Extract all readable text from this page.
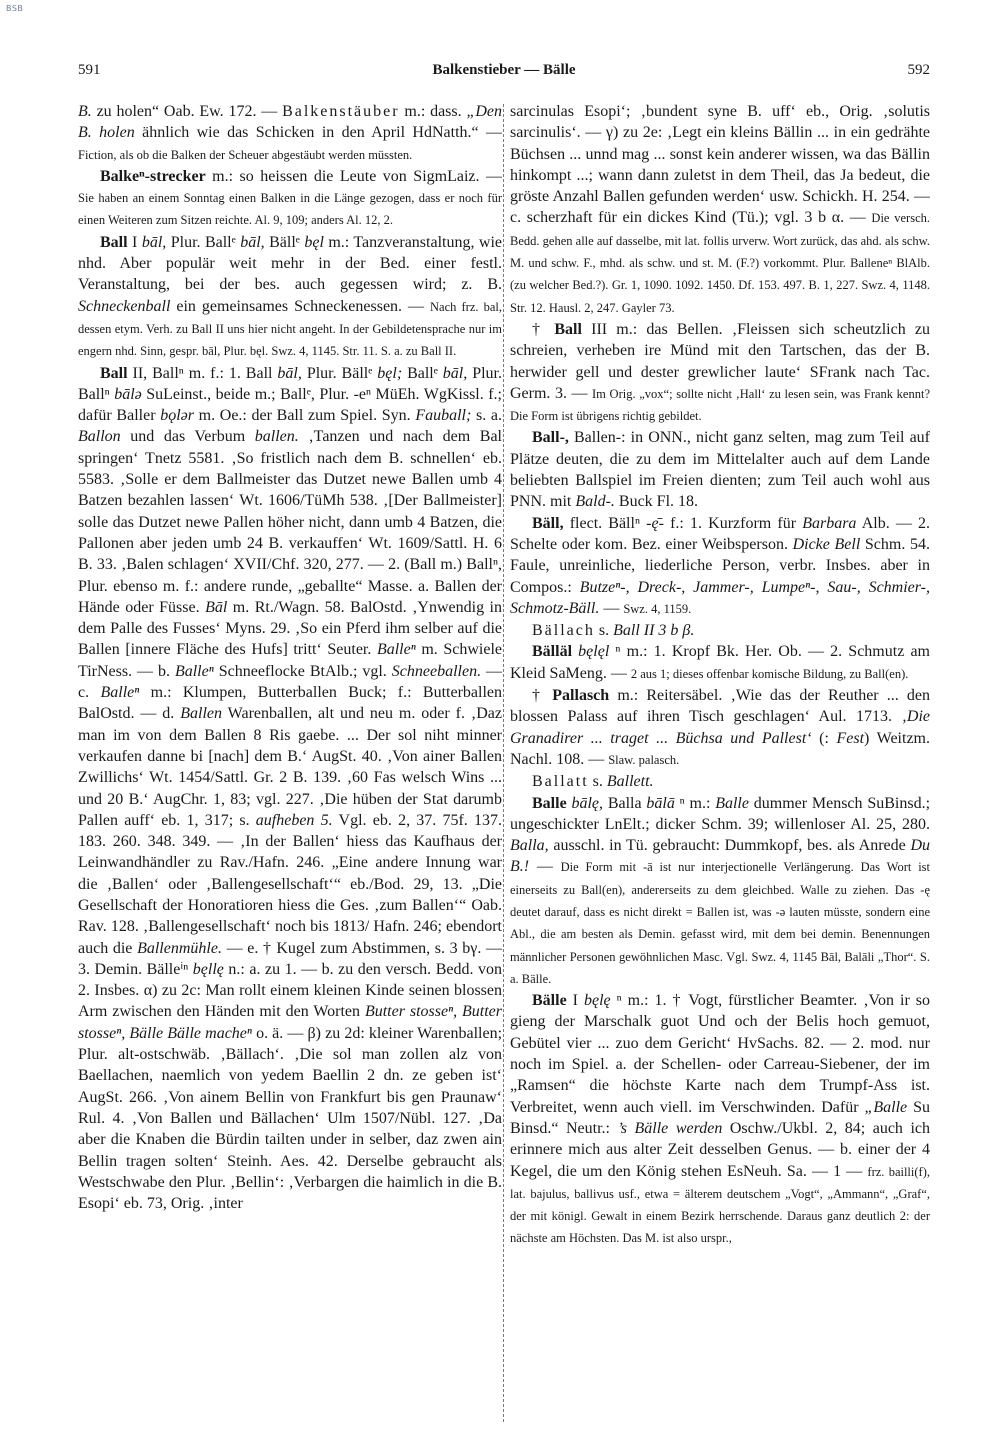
BSB
591	Balkenstieber — Bälle	592

B. zu holen“ Oab. Ew. 172. — Balkenstäuber m.: dass. „Den B. holen ähnlich wie das Schicken in den April HdNatth.“ — Fiction, als ob die Balken der Scheuer abgestäubt werden müssten.

Balkeⁿ-strecker m.: so heissen die Leute von SigmLaiz. — Sie haben an einem Sonntag einen Balken in die Länge gezogen, dass er noch für einen Weiteren zum Sitzen reichte. Al. 9, 109; anders Al. 12, 2.

Ball I bāl, Plur. Ballᵉ bāl, Bällᵉ bęl m.: Tanzveranstaltung, wie nhd. Aber populär weit mehr in der Bed. einer festl. Veranstaltung, bei der bes. auch gegessen wird; z. B. Schneckenball ein gemeinsames Schneckenessen. — Nach frz. bal, dessen etym. Verh. zu Ball II uns hier nicht angeht. In der Gebildetensprache nur im engern nhd. Sinn, gespr. bāl, Plur. bęl. Swz. 4, 1145. Str. 11. S. a. zu Ball II.

Ball II, Ballⁿ m. f.: 1. Ball bāl, Plur. Bällᵉ bęl; Ballᵉ bāl, Plur. Ballⁿ bālə SuLeinst., beide m.; Ballᵉ, Plur. -eⁿ MüEh. WgKissl. f.; dafür Baller bǫlər m. Oe.: der Ball zum Spiel. Syn. Fauball; s. a. Ballon und das Verbum ballen. ‚Tanzen und nach dem Bal springen‘ Tnetz 5581. ‚So fristlich nach dem B. schnellen‘ eb. 5583. ‚Solle er dem Ballmeister das Dutzet newe Ballen umb 4 Batzen bezahlen lassen‘ Wt. 1606/TüMh 538. ‚[Der Ballmeister] solle das Dutzet newe Pallen höher nicht, dann umb 4 Batzen, die Pallonen aber jeden umb 24 B. verkauffen‘ Wt. 1609/Sattl. H. 6 B. 33. ‚Balen schlagen‘ XVII/Chf. 320, 277. — 2. (Ball m.) Ballⁿ, Plur. ebenso m. f.: andere runde, „geballte“ Masse. a. Ballen der Hände oder Füsse. Bāl m. Rt./Wagn. 58. BalOstd. ‚Ynwendig in dem Palle des Fusses‘ Myns. 29. ‚So ein Pferd ihm selber auf die Ballen [innere Fläche des Hufs] tritt‘ Seuter. Balleⁿ m. Schwiele TirNess. — b. Balleⁿ Schneeflocke BtAlb.; vgl. Schneeballen. — c. Balleⁿ m.: Klumpen, Butterballen Buck; f.: Butterballen BalOstd. — d. Ballen Warenballen, alt und neu m. oder f. ‚Daz man im von dem Ballen 8 Ris gaebe. ... Der sol niht minner verkaufen danne bi [nach] dem B.‘ AugSt. 40. ‚Von ainer Ballen Zwillichs‘ Wt. 1454/Sattl. Gr. 2 B. 139. ‚60 Fas welsch Wins ... und 20 B.‘ AugChr. 1, 83; vgl. 227. ‚Die hüben der Stat darumb Pallen auff‘ eb. 1, 317; s. aufheben 5. Vgl. eb. 2, 37. 75f. 137. 183. 260. 348. 349. — ‚In der Ballen‘ hiess das Kaufhaus der Leinwandhändler zu Rav./Hafn. 246. „Eine andere Innung war die ‚Ballen‘ oder ‚Ballengesellschaft‘“ eb./Bod. 29, 13. „Die Gesellschaft der Honoratioren hiess die Ges. ‚zum Ballen‘“ Oab. Rav. 128. ‚Ballengesellschaft‘ noch bis 1813/ Hafn. 246; ebendort auch die Ballenmühle. — e. † Kugel zum Abstimmen, s. 3 bγ. — 3. Demin. Bälleⁱⁿ bęllę n.: a. zu 1. — b. zu den versch. Bedd. von 2. Insbes. α) zu 2c: Man rollt einem kleinen Kinde seinen blossen Arm zwischen den Händen mit den Worten Butter stosseⁿ, Butter stosseⁿ, Bälle Bälle macheⁿ o. ä. — β) zu 2d: kleiner Warenballen; Plur. alt-ostschwäb. ‚Bällach‘. ‚Die sol man zollen alz von Baellachen, naemlich von yedem Baellin 2 dn. ze geben ist‘ AugSt. 266. ‚Von ainem Bellin von Frankfurt bis gen Praunaw‘ Rul. 4. ‚Von Ballen und Bällachen‘ Ulm 1507/Nübl. 127. ‚Da aber die Knaben die Bürdin tailten under in selber, daz zwen ain Bellin tragen solten‘ Steinh. Aes. 42. Derselbe gebraucht als Westschwabe den Plur. ‚Bellin‘: ‚Verbargen die haimlich in die B. Esopi‘ eb. 73, Orig. ‚inter

sarcinulas Esopi‘; ‚bundent syne B. uff‘ eb., Orig. ‚solutis sarcinulis‘. — γ) zu 2e: ‚Legt ein kleins Bällin ... in ein gedrähte Büchsen ... unnd mag ... sonst kein anderer wissen, wa das Bällin hinkompt ...; wann dann zuletst in dem Theil, das Ja bedeut, die gröste Anzahl Ballen gefunden werden‘ usw. Schickh. H. 254. — c. scherzhaft für ein dickes Kind (Tü.); vgl. 3 b α. — Die versch. Bedd. gehen alle auf dasselbe, mit lat. follis urverw. Wort zurück, das ahd. als schw. M. und schw. F., mhd. als schw. und st. M. (F.?) vorkommt. Plur. Balleneⁿ BlAlb. (zu welcher Bed.?). Gr. 1, 1090. 1092. 1450. Df. 153. 497. B. 1, 227. Swz. 4, 1148. Str. 12. Hausl. 2, 247. Gayler 73.

† Ball III m.: das Bellen. ‚Fleissen sich scheutzlich zu schreien, verheben ire Münd mit den Tartschen, das der B. herwider gell und dester grewlicher laute‘ SFrank nach Tac. Germ. 3. — Im Orig. „vox“; sollte nicht ‚Hall‘ zu lesen sein, was Frank kennt? Die Form ist übrigens richtig gebildet.

Ball-, Ballen-: in ONN., nicht ganz selten, mag zum Teil auf Plätze deuten, die zu dem im Mittelalter auch auf dem Lande beliebten Ballspiel im Freien dienten; zum Teil auch wohl aus PNN. mit Bald-. Buck Fl. 18.

Bäll, flect. Bällⁿ -ę̄- f.: 1. Kurzform für Barbara Alb. — 2. Schelte oder kom. Bez. einer Weibsperson. Dicke Bell Schm. 54. Faule, unreinliche, liederliche Person, verbr. Insbes. aber in Compos.: Butzeⁿ-, Dreck-, Jammer-, Lumpeⁿ-, Sau-, Schmier-, Schmotz-Bäll. — Swz. 4, 1159.

Bällach s. Ball II 3 b β.

Bälläl bęlęl ⁿ m.: 1. Kropf Bk. Her. Ob. — 2. Schmutz am Kleid SaMeng. — 2 aus 1; dieses offenbar komische Bildung, zu Ball(en).

† Pallasch m.: Reitersäbel. ‚Wie das der Reuther ... den blossen Palass auf ihren Tisch geschlagen‘ Aul. 1713. ‚Die Granadirer ... traget ... Büchsa und Pallest‘ (: Fest) Weitzm. Nachl. 108. — Slaw. palasch.

Ballatt s. Ballett.

Balle bālę, Balla bālā ⁿ m.: Balle dummer Mensch SuBinsd.; ungeschickter LnElt.; dicker Schm. 39; willenloser Al. 25, 280. Balla, ausschl. in Tü. gebraucht: Dummkopf, bes. als Anrede Du B.! — Die Form mit -ā ist nur interjectionelle Verlängerung. Das Wort ist einerseits zu Ball(en), andererseits zu dem gleichbed. Walle zu ziehen. Das -ę deutet darauf, dass es nicht direkt = Ballen ist, was -ə lauten müsste, sondern eine Abl., die am besten als Demin. gefasst wird, mit dem bei demin. Benennungen männlicher Personen gewöhnlichen Masc. Vgl. Swz. 4, 1145 Bāl, Balāli „Thor“. S. a. Bälle.

Bälle I bęlę ⁿ m.: 1. † Vogt, fürstlicher Beamter. ‚Von ir so gieng der Marschalk guot Und och der Belis hoch gemuot, Gebütel vier ... zuo dem Gericht‘ HvSachs. 82. — 2. mod. nur noch im Spiel. a. der Schellen- oder Carreau-Siebener, der im „Ramsen“ die höchste Karte nach dem Trumpf-Ass ist. Verbreitet, wenn auch viell. im Verschwinden. Dafür „Balle Su Binsd.“ Neutr.: ’s Bälle werden Oschw./Ukbl. 2, 84; auch ich erinnere mich aus alter Zeit desselben Genus. — b. einer der 4 Kegel, die um den König stehen EsNeuh. Sa. — 1 — frz. bailli(f), lat. bajulus, ballivus usf., etwa = älterem deutschem „Vogt“, „Ammann“, „Graf“, der mit königl. Gewalt in einem Bezirk herrschende. Daraus ganz deutlich 2: der nächste am Höchsten. Das M. ist also urspr.,
